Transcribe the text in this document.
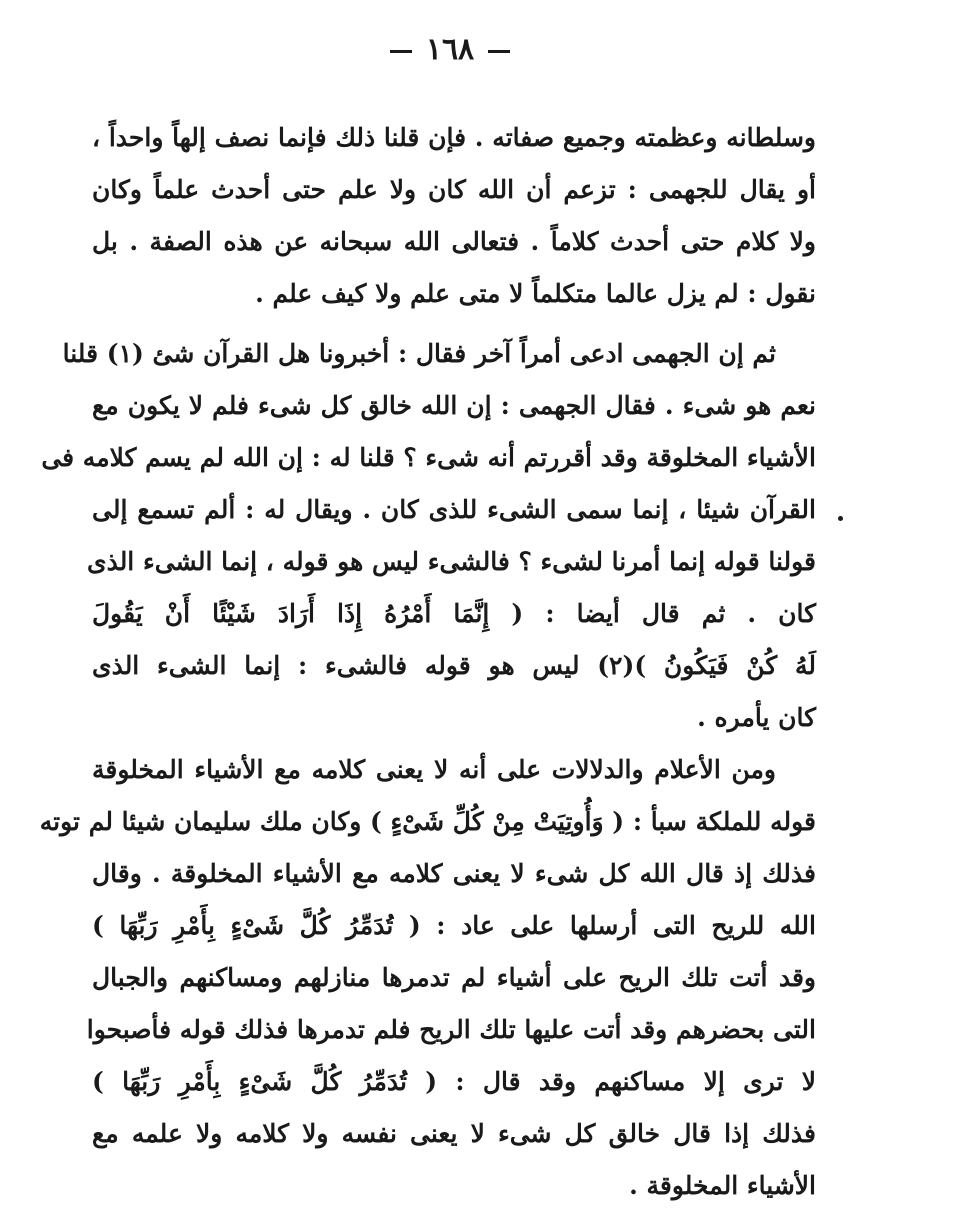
١٦٨
وسلطانه وعظمته وجميع صفاته . فإن قلنا ذلك فإنما نصف إلهاً واحداً ،
أو يقال للجهمى : تزعم أن الله كان ولا علم حتى أحدث علماً وكان
ولا كلام حتى أحدث كلاماً . فتعالى الله سبحانه عن هذه الصفة . بل
نقول : لم يزل عالما متكلماً لا متى علم ولا كيف علم .
ثم إن الجهمى ادعى أمراً آخر فقال : أخبرونا هل القرآن شئ (١) قلنا
نعم هو شىء . فقال الجهمى : إن الله خالق كل شىء فلم لا يكون مع
الأشياء المخلوقة وقد أقررتم أنه شىء ؟ قلنا له : إن الله لم يسم كلامه فى
القرآن شيئا ، إنما سمى الشىء للذى كان . ويقال له : ألم تسمع إلى
قولنا قوله إنما أمرنا لشىء ؟ فالشىء ليس هو قوله ، إنما الشىء الذى
كان . ثم قال أيضا : ( إِنَّمَا أَمْرُهُ إِذَا أَرَادَ شَيْئًا أَنْ يَقُولَ
لَهُ كُنْ فَيَكُونُ )(٢) ليس هو قوله فالشىء : إنما الشىء الذى
كان يأمره .
ومن الأعلام والدلالات على أنه لا يعنى كلامه مع الأشياء المخلوقة
قوله للملكة سبأ : ( وَأُوتِيَتْ مِنْ كُلِّ شَىْءٍ ) وكان ملك سليمان شيئا لم توته
فذلك إذ قال الله كل شىء لا يعنى كلامه مع الأشياء المخلوقة . وقال
الله للريح التى أرسلها على عاد : ( تُدَمِّرُ كُلَّ شَىْءٍ بِأَمْرِ رَبِّهَا )
وقد أتت تلك الريح على أشياء لم تدمرها منازلهم ومساكنهم والجبال
التى بحضرهم وقد أتت عليها تلك الريح فلم تدمرها فذلك قوله فأصبحوا
لا ترى إلا مساكنهم وقد قال : ( تُدَمِّرُ كُلَّ شَىْءٍ بِأَمْرِ رَبِّهَا )
فذلك إذا قال خالق كل شىء لا يعنى نفسه ولا كلامه ولا علمه مع
الأشياء المخلوقة .
